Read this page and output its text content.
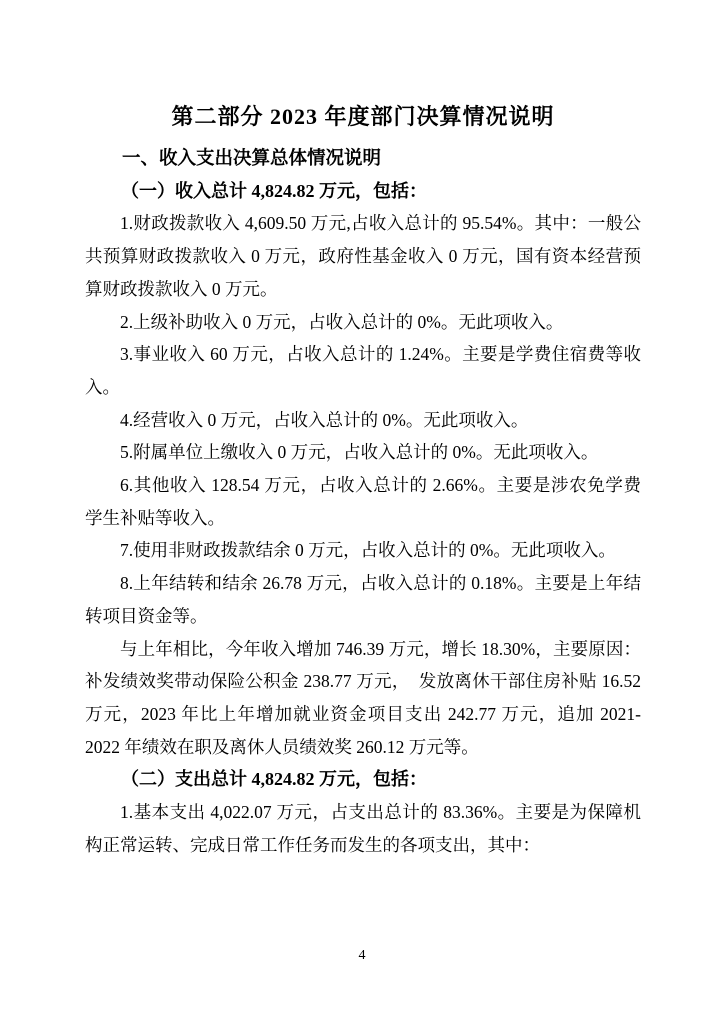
第二部分 2023 年度部门决算情况说明
一、收入支出决算总体情况说明
（一）收入总计 4,824.82 万元，包括：

1.财政拨款收入 4,609.50 万元,占收入总计的 95.54%。其中：一般公共预算财政拨款收入 0 万元，政府性基金收入 0 万元，国有资本经营预算财政拨款收入 0 万元。

2.上级补助收入 0 万元，占收入总计的 0%。无此项收入。

3.事业收入 60 万元，占收入总计的 1.24%。主要是学费住宿费等收入。

4.经营收入 0 万元，占收入总计的 0%。无此项收入。

5.附属单位上缴收入 0 万元，占收入总计的 0%。无此项收入。

6.其他收入 128.54 万元，占收入总计的 2.66%。主要是涉农免学费学生补贴等收入。

7.使用非财政拨款结余 0 万元，占收入总计的 0%。无此项收入。

8.上年结转和结余 26.78 万元，占收入总计的 0.18%。主要是上年结转项目资金等。

与上年相比，今年收入增加 746.39 万元，增长 18.30%，主要原因：补发绩效奖带动保险公积金 238.77 万元，　发放离休干部住房补贴 16.52 万元，2023 年比上年增加就业资金项目支出 242.77 万元，追加 2021-2022 年绩效在职及离休人员绩效奖 260.12 万元等。

（二）支出总计 4,824.82 万元，包括：

1.基本支出 4,022.07 万元，占支出总计的 83.36%。主要是为保障机构正常运转、完成日常工作任务而发生的各项支出，其中：

4
